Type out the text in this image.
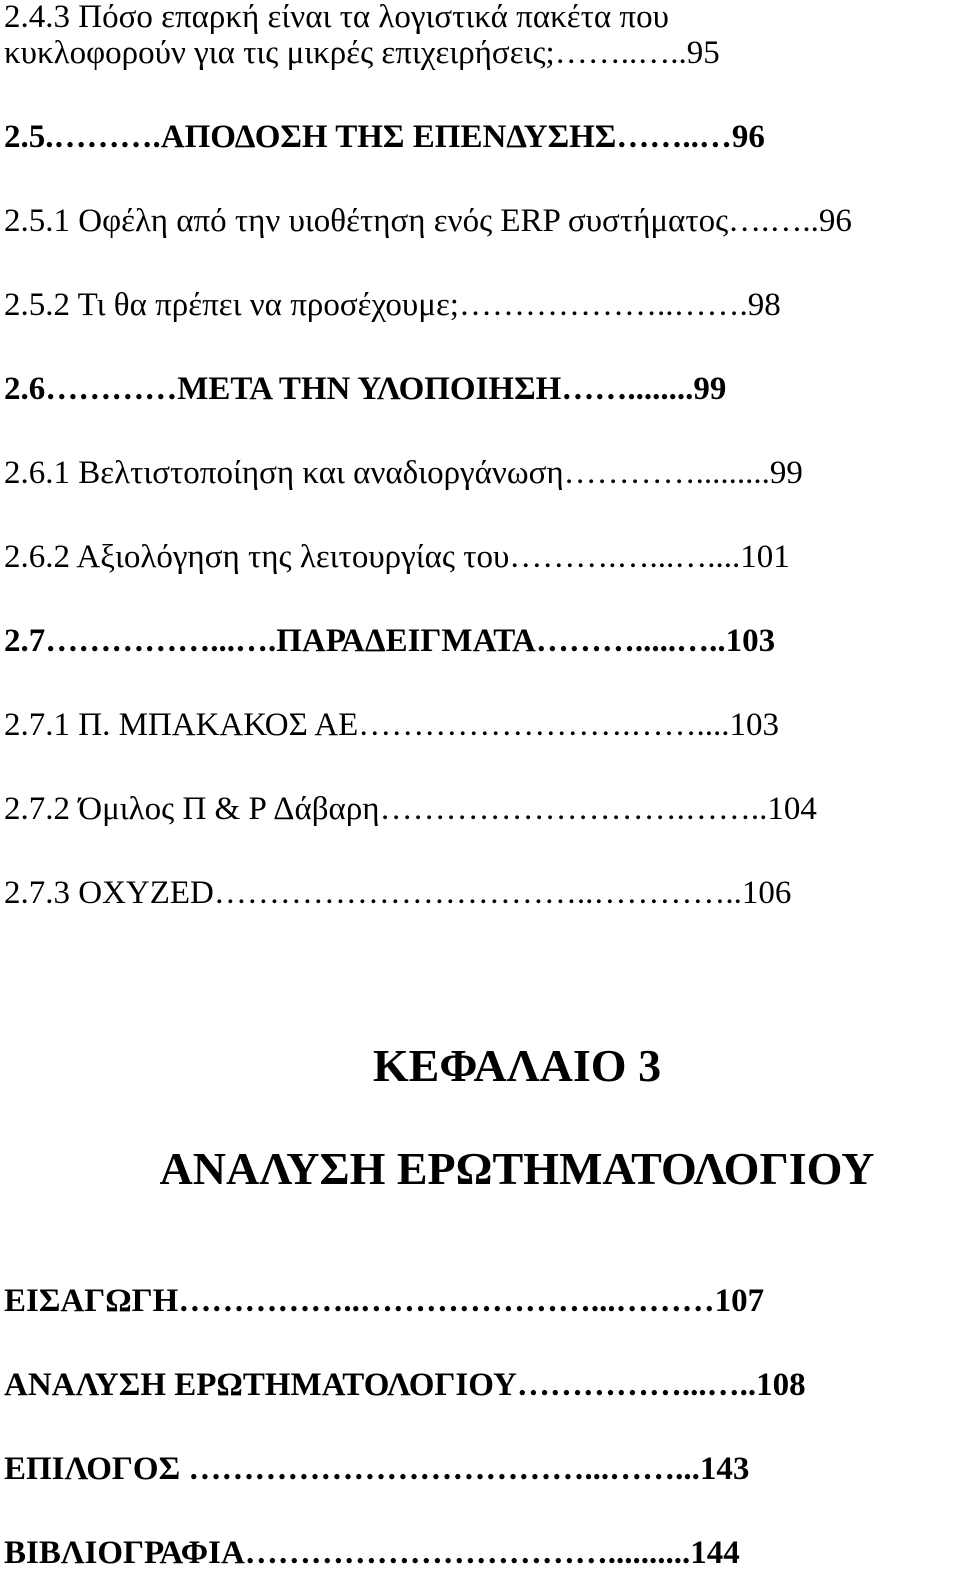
2.4.3 Πόσο επαρκή είναι τα λογιστικά πακέτα που
κυκλοφορούν για τις μικρές επιχειρήσεις;……..…..95
2.5.……….ΑΠΟΔΟΣΗ ΤΗΣ ΕΠΕΝΔΥΣΗΣ……..…96
2.5.1 Οφέλη από την υιοθέτηση ενός ERP συστήματος….…..96
2.5.2 Τι θα πρέπει να προσέχουμε;………………..…….98
2.6…………ΜΕΤΑ ΤΗΝ ΥΛΟΠΟΙΗΣΗ……........99
2.6.1 Βελτιστοποίηση και αναδιοργάνωση………….........99
2.6.2 Αξιολόγηση της λειτουργίας του……….…...…....101
2.7……………...….ΠΑΡΑΔΕΙΓΜΑΤΑ……….....…..103
2.7.1 Π. ΜΠΑΚΑΚΟΣ ΑΕ…………………….……....103
2.7.2 Όμιλος Π & Ρ Δάβαρη……………………….……..104
2.7.3 OXYZED……………………………..…………..106
ΚΕΦΑΛΑΙΟ 3
ΑΝΑΛΥΣΗ ΕΡΩΤΗΜΑΤΟΛΟΓΙΟΥ
ΕΙΣΑΓΩΓΗ……………..…………………...………107
ΑΝΑΛΥΣΗ ΕΡΩΤΗΜΑΤΟΛΟΓΙΟΥ……………...…..108
ΕΠΙΛΟΓΟΣ ………………………………...……...143
ΒΙΒΛΙΟΓΡΑΦΙΑ……………………………..........144
